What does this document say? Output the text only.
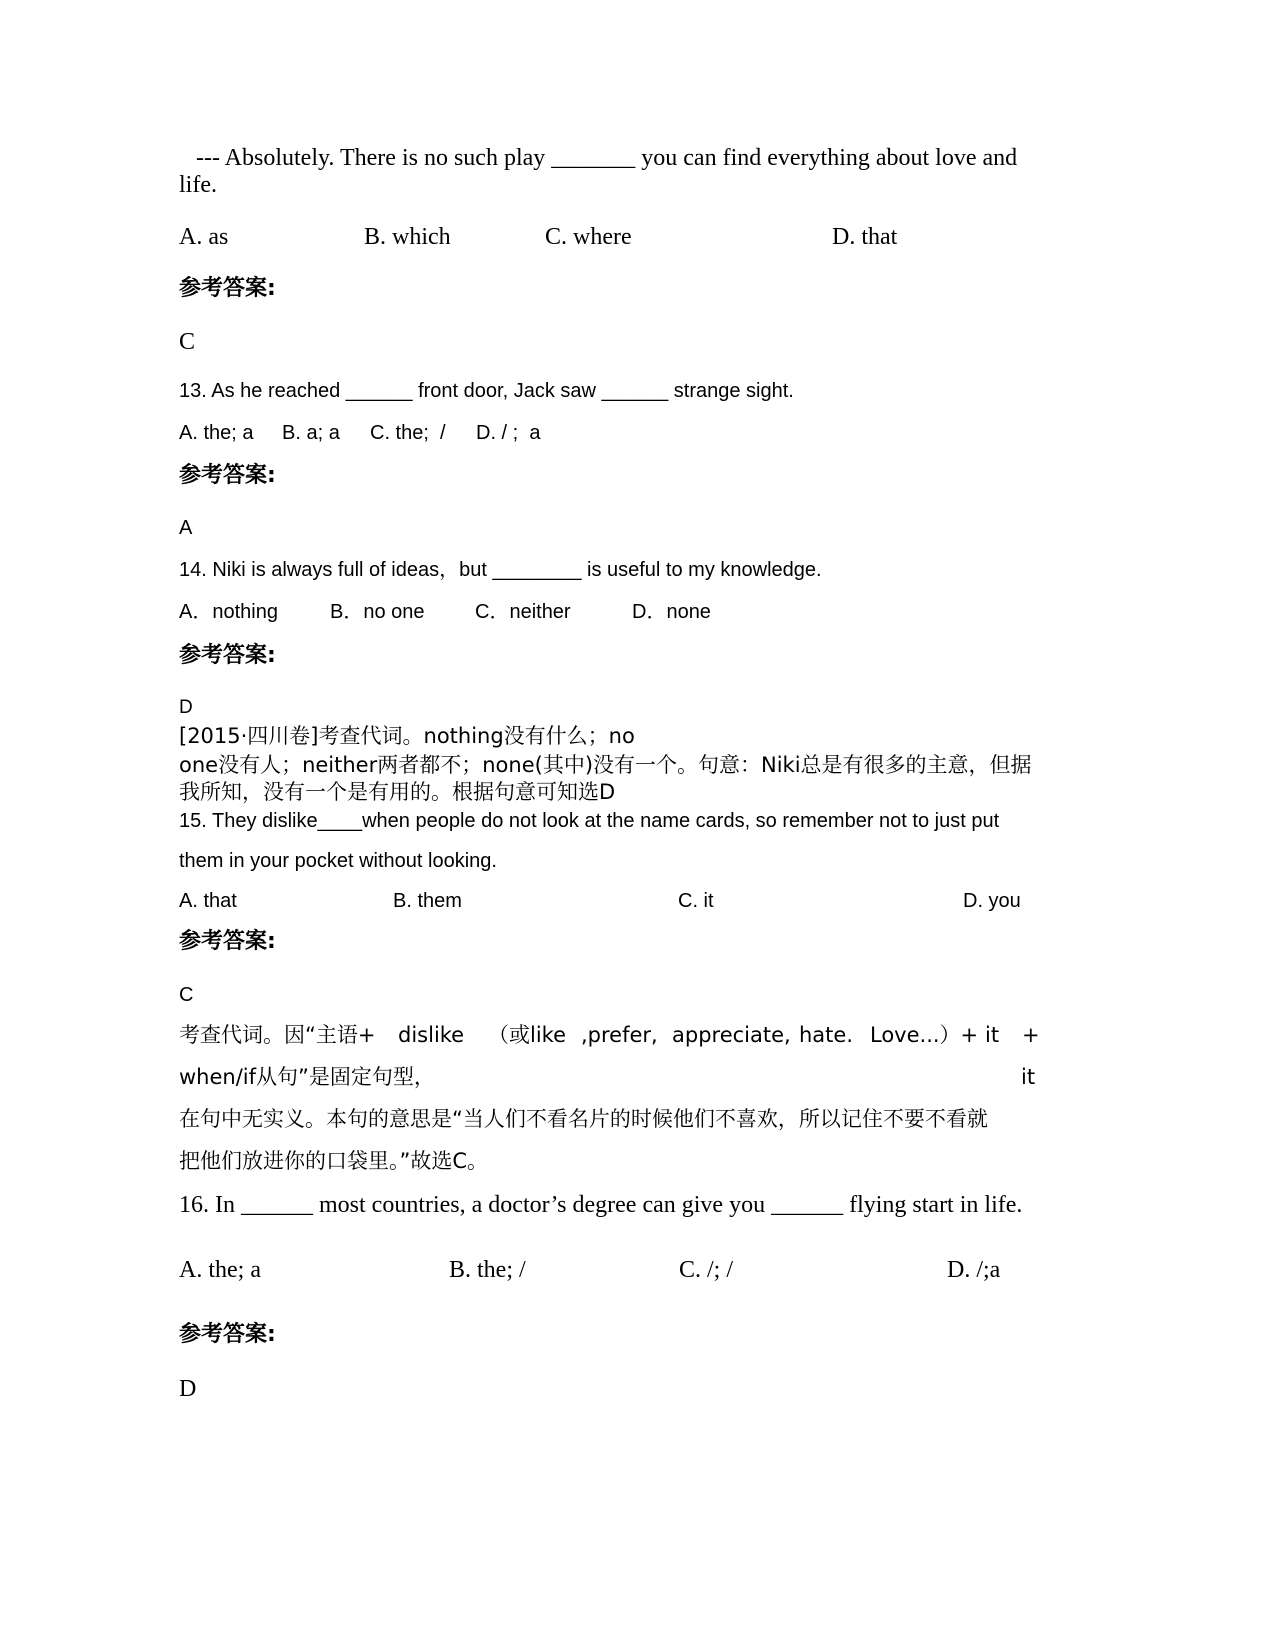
--- Absolutely. There is no such play _______ you can find everything about love and
life.
A. as	B. which	C. where	D. that
参考答案:
C
13. As he reached ______ front door, Jack saw ______ strange sight.
A. the; a B. a; a C. the;  / D. / ;  a
参考答案:
A
14. Niki is always full of ideas，but ________ is useful to my knowledge.
A．nothing	B．no one	C．neither	D．none
参考答案:
D
[2015·四川卷]考查代词。nothing没有什么；no
one没有人；neither两者都不；none(其中)没有一个。句意：Niki总是有很多的主意，但据
我所知，没有一个是有用的。根据句意可知选D
15. They dislike____when people do not look at the name cards, so remember not to just put
them in your pocket without looking.
A. that	B. them	C. it	D. you
参考答案:
C
考查代词。因“主语+ dislike （或like ,prefer, appreciate, hate. Love...）+ it +
when/if从句”是固定句型，	it
在句中无实义。本句的意思是“当人们不看名片的时候他们不喜欢，所以记住不要不看就
把他们放进你的口袋里。”故选C。
16. In ______ most countries, a doctor’s degree can give you ______ flying start in life.
A. the; a	B. the; /	C. /; /	D. /;a
参考答案:
D
